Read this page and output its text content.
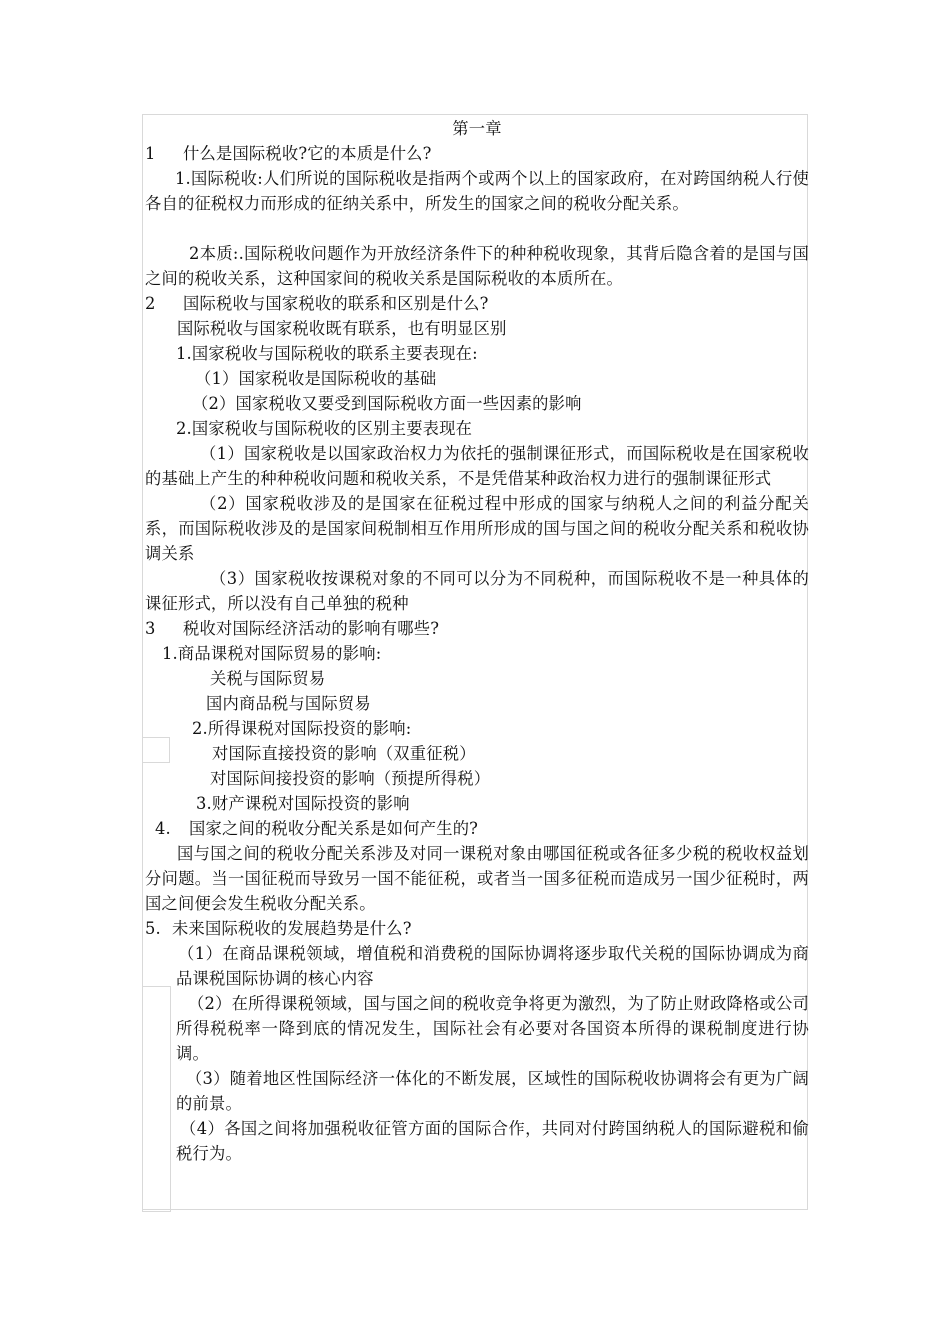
第一章
1 什么是国际税收?它的本质是什么?
1.国际税收:人们所说的国际税收是指两个或两个以上的国家政府，在对跨国纳税人行使各自的征税权力而形成的征纳关系中，所发生的国家之间的税收分配关系。
2本质:.国际税收问题作为开放经济条件下的种种税收现象，其背后隐含着的是国与国之间的税收关系，这种国家间的税收关系是国际税收的本质所在。
2 国际税收与国家税收的联系和区别是什么?
国际税收与国家税收既有联系，也有明显区别
1.国家税收与国际税收的联系主要表现在:
（1）国家税收是国际税收的基础
（2）国家税收又要受到国际税收方面一些因素的影响
2.国家税收与国际税收的区别主要表现在
（1）国家税收是以国家政治权力为依托的强制课征形式，而国际税收是在国家税收的基础上产生的种种税收问题和税收关系，不是凭借某种政治权力进行的强制课征形式
（2）国家税收涉及的是国家在征税过程中形成的国家与纳税人之间的利益分配关系，而国际税收涉及的是国家间税制相互作用所形成的国与国之间的税收分配关系和税收协调关系
（3）国家税收按课税对象的不同可以分为不同税种，而国际税收不是一种具体的课征形式，所以没有自己单独的税种
3 税收对国际经济活动的影响有哪些?
1.商品课税对国际贸易的影响:
关税与国际贸易
国内商品税与国际贸易
2.所得课税对国际投资的影响:
对国际直接投资的影响（双重征税）
对国际间接投资的影响（预提所得税）
3.财产课税对国际投资的影响
4. 国家之间的税收分配关系是如何产生的?
国与国之间的税收分配关系涉及对同一课税对象由哪国征税或各征多少税的税收权益划分问题。当一国征税而导致另一国不能征税，或者当一国多征税而造成另一国少征税时，两国之间便会发生税收分配关系。
5. 未来国际税收的发展趋势是什么?
（1）在商品课税领域，增值税和消费税的国际协调将逐步取代关税的国际协调成为商品课税国际协调的核心内容
（2）在所得课税领域，国与国之间的税收竞争将更为激烈，为了防止财政降格或公司所得税税率一降到底的情况发生，国际社会有必要对各国资本所得的课税制度进行协调。
（3）随着地区性国际经济一体化的不断发展，区域性的国际税收协调将会有更为广阔的前景。
（4）各国之间将加强税收征管方面的国际合作，共同对付跨国纳税人的国际避税和偷税行为。
